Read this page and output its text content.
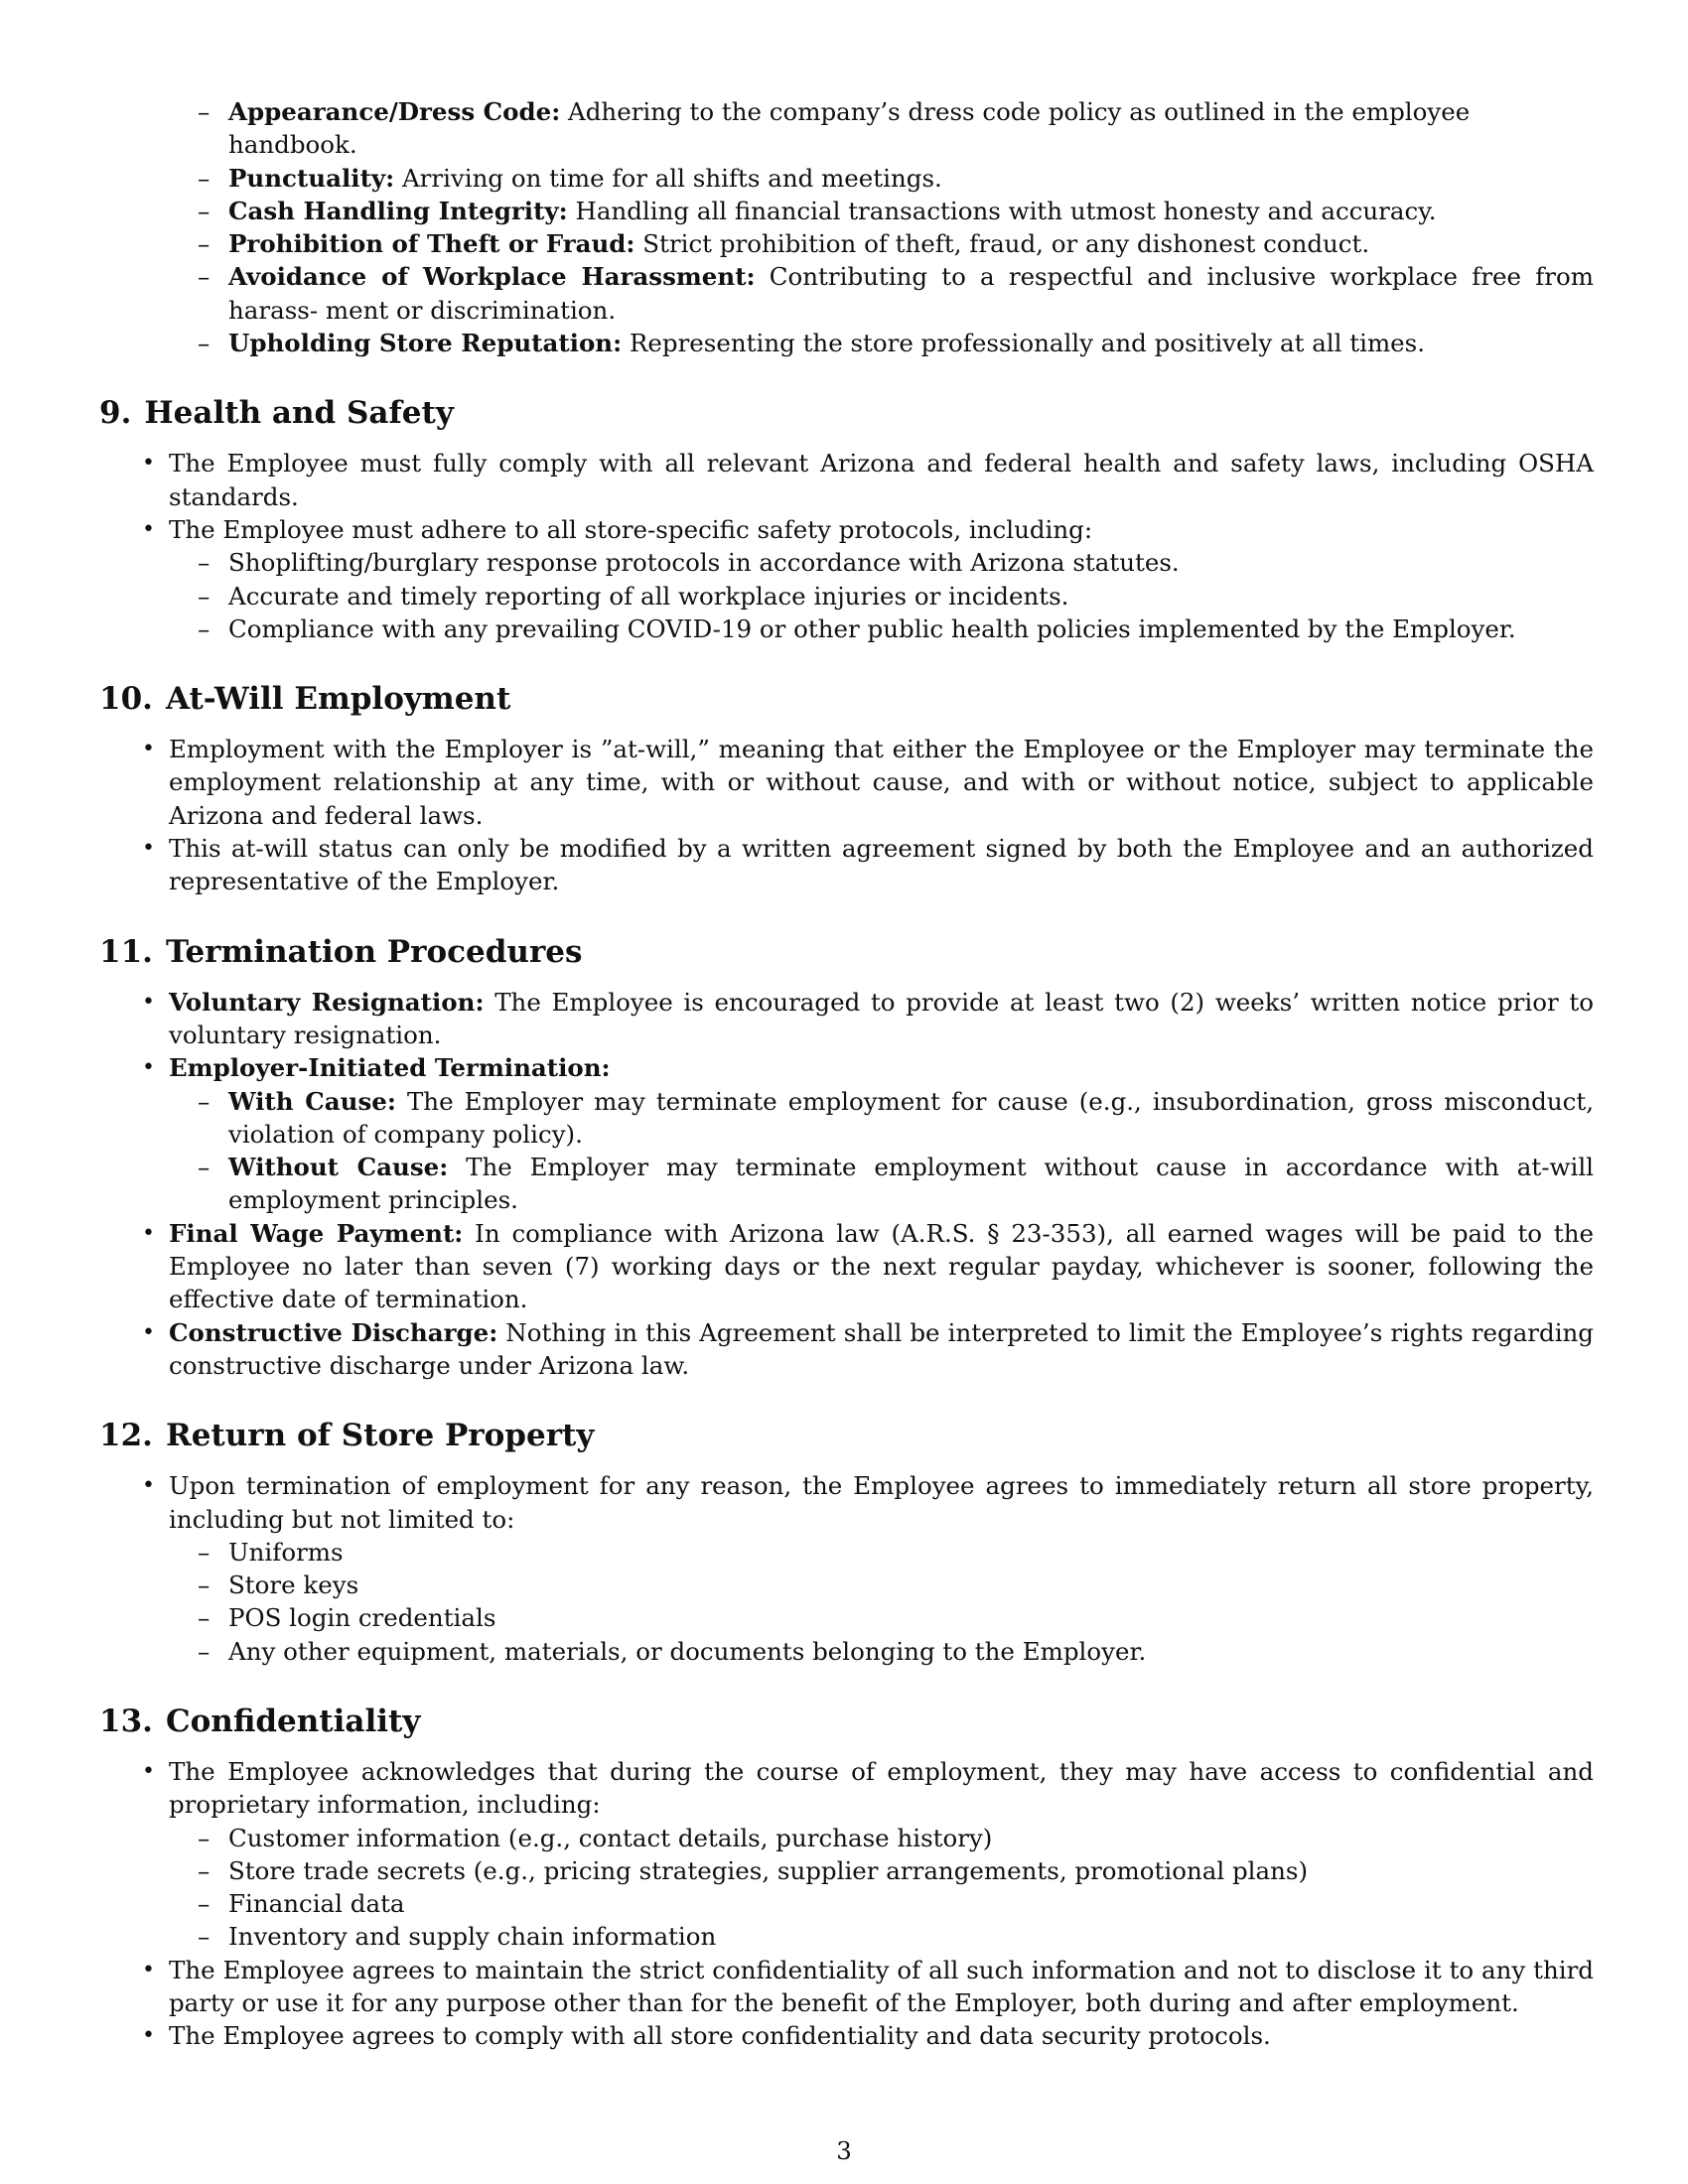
– Appearance/Dress Code: Adhering to the company’s dress code policy as outlined in the employee handbook.
– Punctuality: Arriving on time for all shifts and meetings.
– Cash Handling Integrity: Handling all financial transactions with utmost honesty and accuracy.
– Prohibition of Theft or Fraud: Strict prohibition of theft, fraud, or any dishonest conduct.
– Avoidance of Workplace Harassment: Contributing to a respectful and inclusive workplace free from harass- ment or discrimination.
– Upholding Store Reputation: Representing the store professionally and positively at all times.
9. Health and Safety
• The Employee must fully comply with all relevant Arizona and federal health and safety laws, including OSHA standards.
• The Employee must adhere to all store-specific safety protocols, including:
– Shoplifting/burglary response protocols in accordance with Arizona statutes.
– Accurate and timely reporting of all workplace injuries or incidents.
– Compliance with any prevailing COVID-19 or other public health policies implemented by the Employer.
10. At-Will Employment
• Employment with the Employer is ”at-will,” meaning that either the Employee or the Employer may terminate the employment relationship at any time, with or without cause, and with or without notice, subject to applicable Arizona and federal laws.
• This at-will status can only be modified by a written agreement signed by both the Employee and an authorized representative of the Employer.
11. Termination Procedures
• Voluntary Resignation: The Employee is encouraged to provide at least two (2) weeks’ written notice prior to voluntary resignation.
• Employer-Initiated Termination:
– With Cause: The Employer may terminate employment for cause (e.g., insubordination, gross misconduct, violation of company policy).
– Without Cause: The Employer may terminate employment without cause in accordance with at-will employment principles.
• Final Wage Payment: In compliance with Arizona law (A.R.S. § 23-353), all earned wages will be paid to the Employee no later than seven (7) working days or the next regular payday, whichever is sooner, following the effective date of termination.
• Constructive Discharge: Nothing in this Agreement shall be interpreted to limit the Employee’s rights regarding constructive discharge under Arizona law.
12. Return of Store Property
• Upon termination of employment for any reason, the Employee agrees to immediately return all store property, including but not limited to:
– Uniforms
– Store keys
– POS login credentials
– Any other equipment, materials, or documents belonging to the Employer.
13. Confidentiality
• The Employee acknowledges that during the course of employment, they may have access to confidential and proprietary information, including:
– Customer information (e.g., contact details, purchase history)
– Store trade secrets (e.g., pricing strategies, supplier arrangements, promotional plans)
– Financial data
– Inventory and supply chain information
• The Employee agrees to maintain the strict confidentiality of all such information and not to disclose it to any third party or use it for any purpose other than for the benefit of the Employer, both during and after employment.
• The Employee agrees to comply with all store confidentiality and data security protocols.
3
